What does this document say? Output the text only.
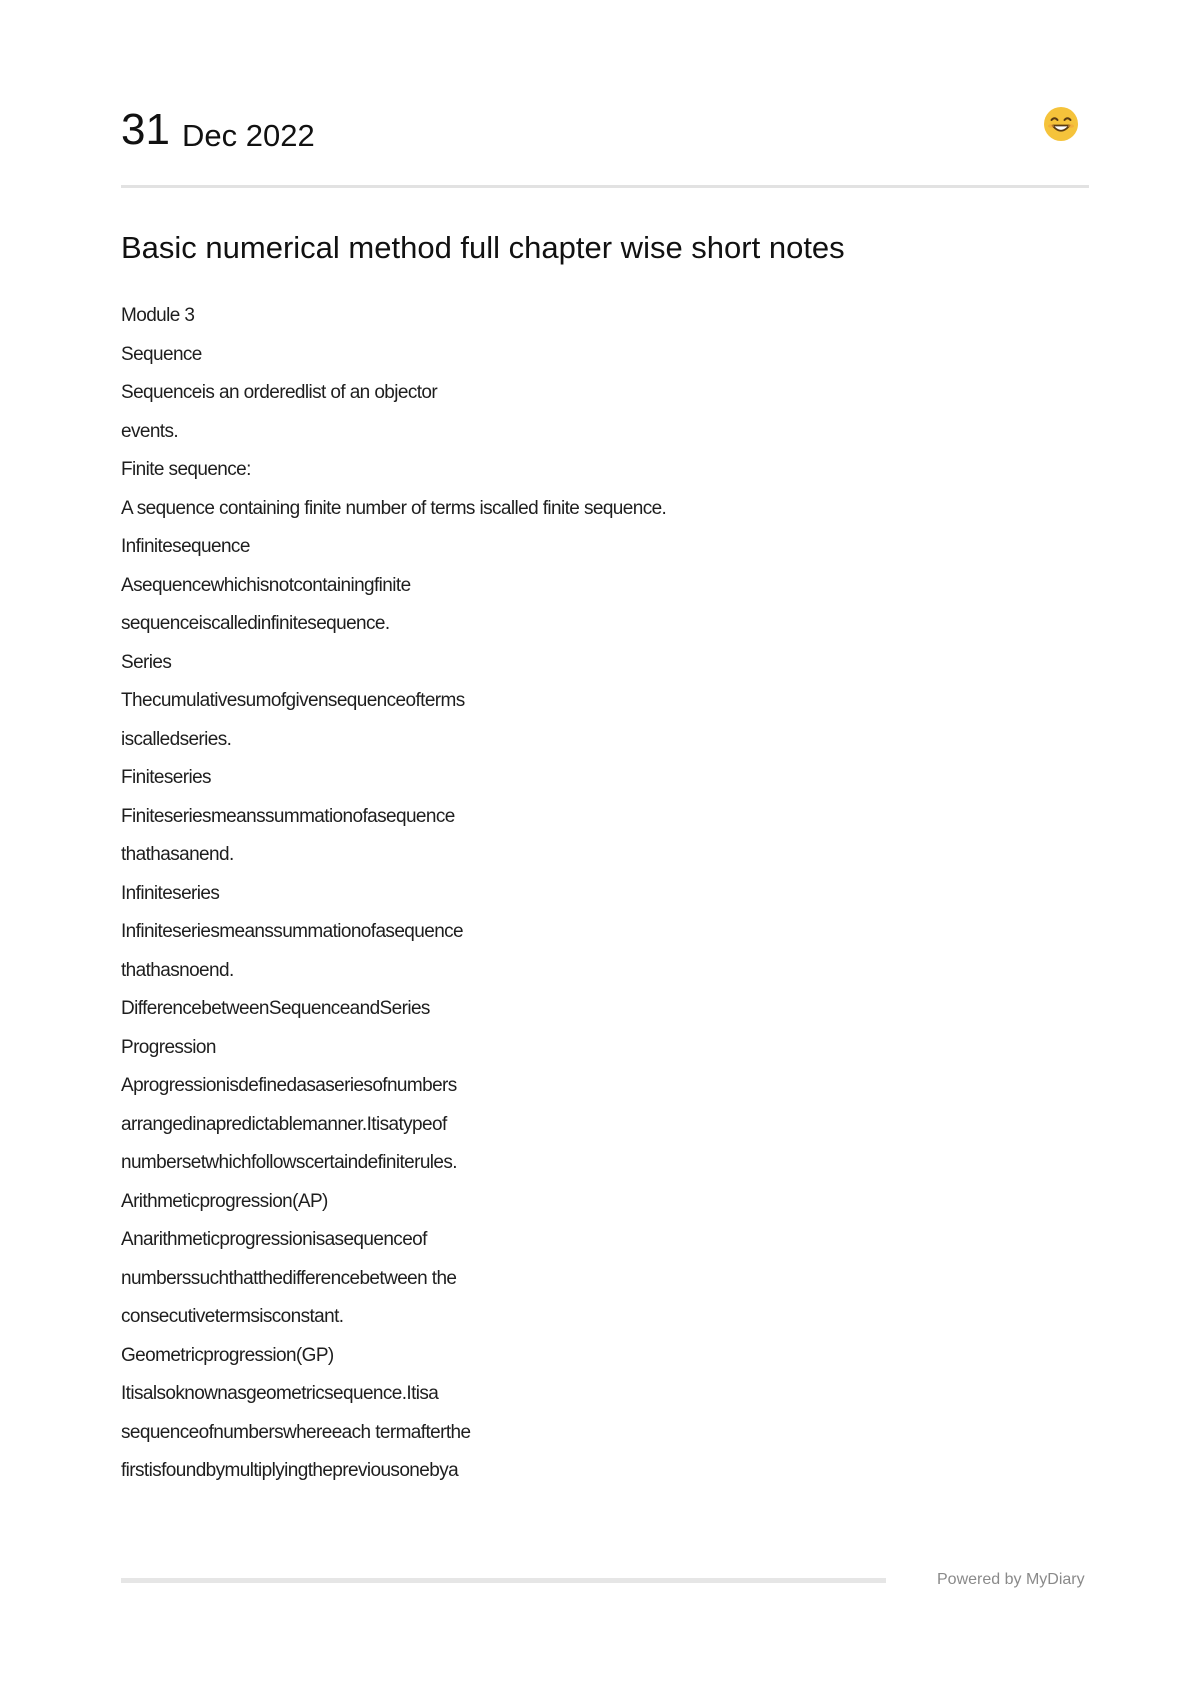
31 Dec 2022
Basic numerical method full chapter wise short notes
Module 3
Sequence
Sequenceis an orderedlist of an objector
events.
Finite sequence:
A sequence containing finite number of terms iscalled finite sequence.
Infinitesequence
Asequencewhichisnotcontainingfinite
sequenceiscalledinfinitesequence.
Series
Thecumulativesumofgivensequenceofterms
iscalledseries.
Finiteseries
Finiteseriesmeanssummationofasequence
thathasanend.
Infiniteseries
Infiniteseriesmeanssummationofasequence
thathasnoend.
DifferencebetweenSequenceandSeries
Progression
Aprogressionisdefinedasaseriesofnumbers
arrangedinapredictablemanner.Itisatypeof
numbersetwhichfollowscertaindefiniterules.
Arithmeticprogression(AP)
Anarithmeticprogressionisasequenceof
numberssuchthatthedifferencebetween the
consecutivetermsisconstant.
Geometricprogression(GP)
Itisalsoknownasgeometricsequence.Itisa
sequenceofnumberswhereeach termafterthe
firstisfoundbymultiplyingthepreviousonebya
Powered by MyDiary
